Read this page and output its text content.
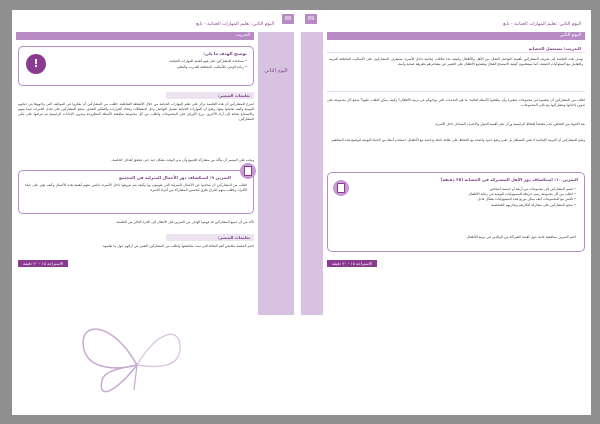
88
اليوم الثاني: تعليم المهارات الحياتية - تابع
التدريب
اليوم الثاني
توضيح الهدف ما يلي:
• مساعدة المشاركين على فهم أهمية المهارات الحياتية.
• زيادة الوعي بالأساليب المختلفة للتدريب والتعلم.
!
تعليمات الميسر:
اشرح للمشاركين أن هذه الجلسة تركز على تعلم المهارات الحياتية من خلال الأنشطة التفاعلية. اطلب من المشاركين أن يفكروا في المواقف التي واجهوها في حياتهم اليومية وكيف تعاملوا معها. وضح أن المهارات الحياتية تشمل التواصل وحل المشكلات واتخاذ القرارات والتفكير النقدي. شجع المشاركين على تبادل الخبرات فيما بينهم والاستماع بعناية إلى آراء الآخرين. وزع الأوراق على المجموعات واطلب من كل مجموعة مناقشة الأسئلة المطروحة وتدوين الإجابات الرئيسية ثم عرضها على باقي المشاركين.
ويجب على الميسر أن يتأكد من مشاركة الجميع وأن يدير الوقت بشكل جيد حتى تتحقق أهداف الجلسة.
التمرين ٩: استكشاف دور الأعمال المنزلية في المجتمع
اطلب من المشاركين أن يتحدثوا عن الأعمال المنزلية التي يقومون بها وكيف يتم توزيعها داخل الأسرة. ناقش معهم أهمية هذه الأعمال وكيف تؤثر على حياة الأفراد، واطلب منهم اقتراح طرق لتحسين المشاركة بين أفراد الأسرة.
تأكد من أن جميع المشاركين قد فهموا الهدف من التمرين قبل الانتقال إلى الجزء التالي من الجلسة.
تعليمات الميسر:
اختم الجلسة بتلخيص أهم النقاط التي تمت مناقشتها واطلب من المشاركين التعبير عن آرائهم حول ما تعلموه.
الاستراحة ١٥ - ٢٠ دقيقة
89
اليوم الثاني: تعليم المهارات الحياتية - تابع
اليوم الثاني
التدريب: يستعمل الحضانة
تهدف هذه الجلسة إلى تعريف المشاركين بأهمية التواصل الفعال بين الأهل والأطفال وكيفية بناء علاقات إيجابية داخل الأسرة. سيتعرف المشاركون على الأساليب المختلفة للتربية والتعامل مع السلوكيات الصعبة، كما سيتعلمون كيفية الاستماع الفعال وتشجيع الأطفال على التعبير عن مشاعرهم بطريقة صحية وآمنة.
اطلب من المشاركين أن يجلسوا في مجموعات صغيرة وأن يناقشوا الأسئلة التالية: ما هي التحديات التي تواجهكم في تربية الأطفال؟ وكيف يمكن التغلب عليها؟ شجع كل مجموعة على تدوين إجاباتها ومشاركتها مع باقي المجموعات.
بعد الانتهاء من النقاش، قدم ملخصاً للنقاط الرئيسية وركز على أهمية الحوار والاحترام المتبادل داخل الأسرة.
وضح للمشاركين أن التربية الإيجابية لا تعني التساهل بل تعني وضع حدود واضحة مع الحفاظ على علاقة دافئة وداعمة مع الأطفال. استخدم أمثلة من الحياة اليومية لتوضيح هذه المفاهيم.
التمرين ١٠: استكشاف دور الأهل المشتركة في الحضانة (٣٥ دقيقة)
• قسم المشاركين إلى مجموعات من أربعة أو خمسة أشخاص.
• اطلب من كل مجموعة رسم خريطة للمسؤوليات اليومية في رعاية الأطفال.
• ناقش مع المجموعات كيف يمكن توزيع هذه المسؤوليات بشكل عادل.
• شجع المشاركين على مشاركة أفكارهم وتجاربهم الشخصية.
اختم التمرين بمناقشة عامة حول أهمية الشراكة بين الوالدين في تربية الأطفال.
الاستراحة ١٥ - ٢٠ دقيقة
